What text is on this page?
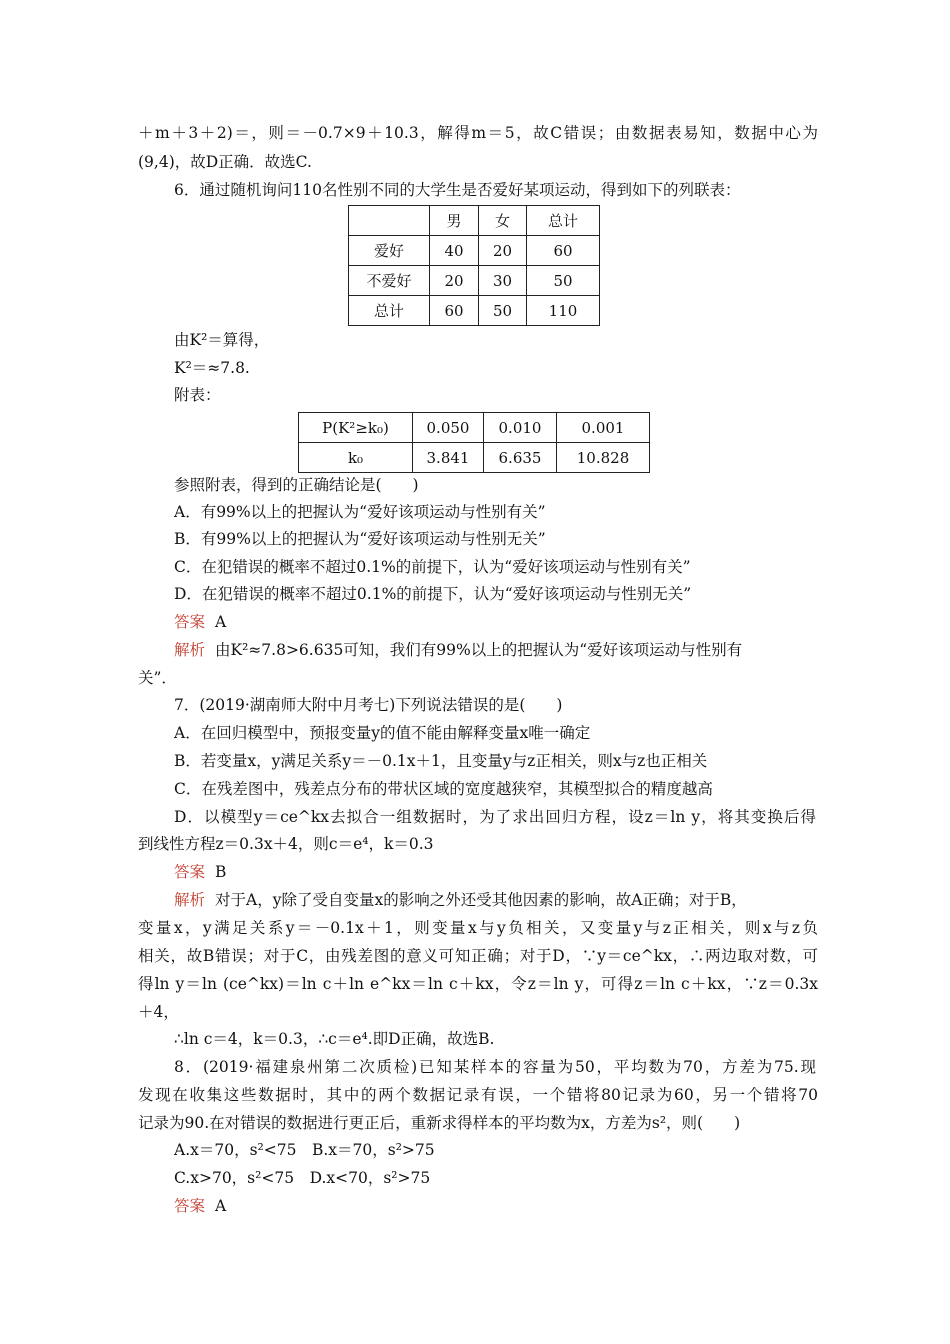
＋m＋3＋2)＝，则＝－0.7×9＋10.3，解得m＝5，故C错误；由数据表易知，数据中心为
(9,4)，故D正确．故选C.
6．通过随机询问110名性别不同的大学生是否爱好某项运动，得到如下的列联表：
	男	女	总计
爱好	40	20	60
不爱好	20	30	50
总计	60	50	110
由K²＝算得，
K²＝≈7.8.
附表：
P(K²≥k₀)	0.050	0.010	0.001
k₀	3.841	6.635	10.828
参照附表，得到的正确结论是(　　)
A．有99%以上的把握认为“爱好该项运动与性别有关”
B．有99%以上的把握认为“爱好该项运动与性别无关”
C．在犯错误的概率不超过0.1%的前提下，认为“爱好该项运动与性别有关”
D．在犯错误的概率不超过0.1%的前提下，认为“爱好该项运动与性别无关”
答案 A
解析 由K²≈7.8>6.635可知，我们有99%以上的把握认为“爱好该项运动与性别有
关”．
7．(2019·湖南师大附中月考七)下列说法错误的是(　　)
A．在回归模型中，预报变量y的值不能由解释变量x唯一确定
B．若变量x，y满足关系y＝－0.1x＋1，且变量y与z正相关，则x与z也正相关
C．在残差图中，残差点分布的带状区域的宽度越狭窄，其模型拟合的精度越高
D．以模型y＝ce^kx去拟合一组数据时，为了求出回归方程，设z＝ln y，将其变换后得
到线性方程z＝0.3x＋4，则c＝e⁴，k＝0.3
答案 B
解析 对于A，y除了受自变量x的影响之外还受其他因素的影响，故A正确；对于B，
变量x，y满足关系y＝－0.1x＋1，则变量x与y负相关，又变量y与z正相关，则x与z负
相关，故B错误；对于C，由残差图的意义可知正确；对于D，∵y＝ce^kx，∴两边取对数，可
得ln y＝ln (ce^kx)＝ln c＋ln e^kx＝ln c＋kx，令z＝ln y，可得z＝ln c＋kx，∵z＝0.3x
＋4，
∴ln c＝4，k＝0.3，∴c＝e⁴.即D正确，故选B.
8．(2019·福建泉州第二次质检)已知某样本的容量为50，平均数为70，方差为75.现
发现在收集这些数据时，其中的两个数据记录有误，一个错将80记录为60，另一个错将70
记录为90.在对错误的数据进行更正后，重新求得样本的平均数为x，方差为s²，则(　　)
A.x＝70，s²<75　B.x＝70，s²>75
C.x>70，s²<75　D.x<70，s²>75
答案 A
